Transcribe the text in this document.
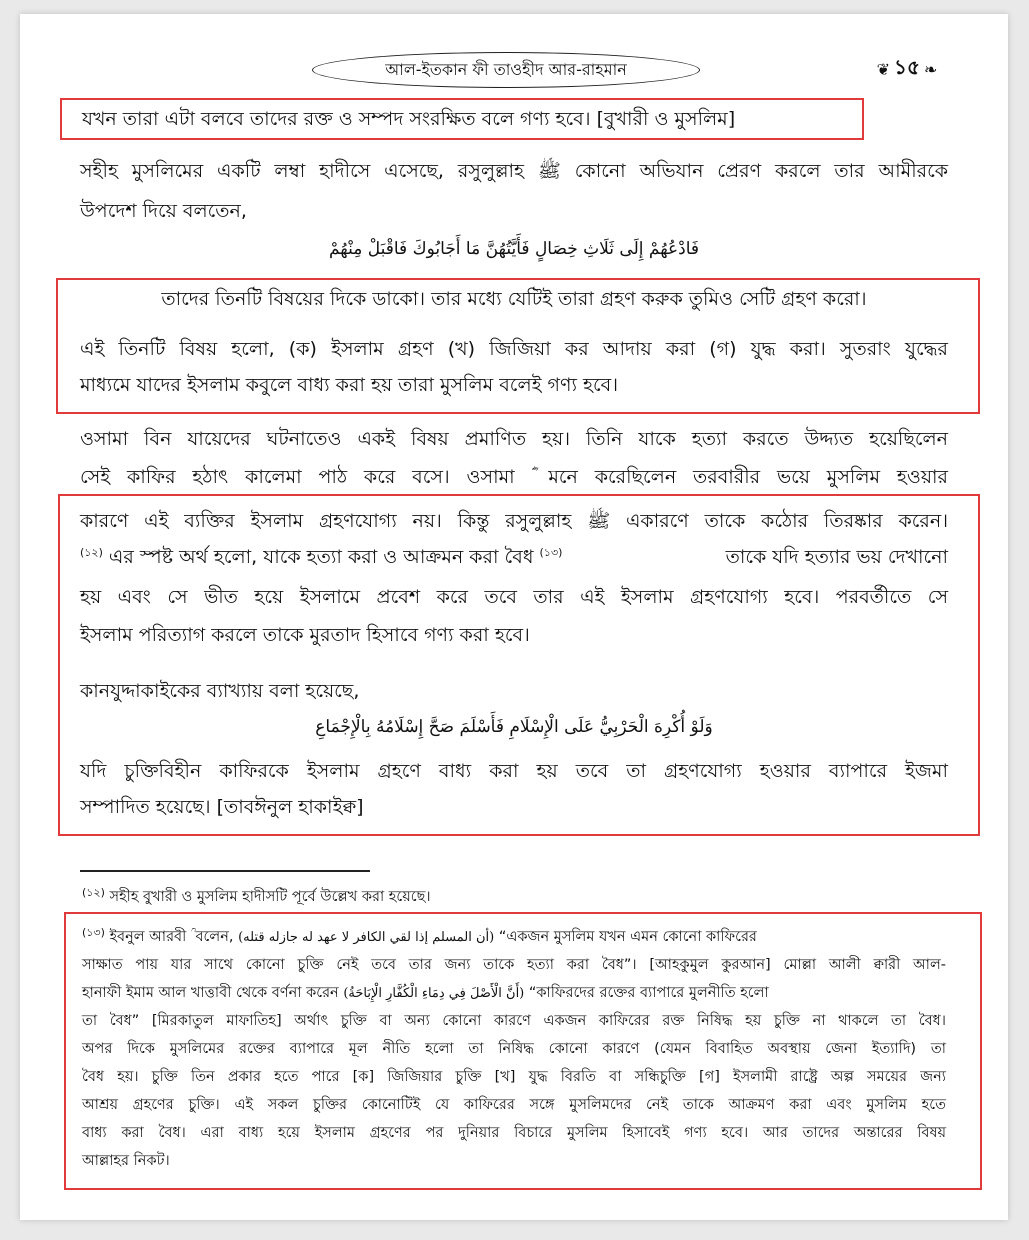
আল-ইতকান ফী তাওহীদ আর-রাহমান	❦ ১৫ ❧
যখন তারা এটা বলবে তাদের রক্ত ও সম্পদ সংরক্ষিত বলে গণ্য হবে। [বুখারী ও মুসলিম]
সহীহ মুসলিমের একটি লম্বা হাদীসে এসেছে, রসুলুল্লাহ ﷺ কোনো অভিযান প্রেরণ করলে তার আমীরকে
উপদেশ দিয়ে বলতেন,
فَادْعُهُمْ إِلَى ثَلَاثِ خِصَالٍ فَأَيَّتُهُنَّ مَا أَجَابُوكَ فَاقْبَلْ مِنْهُمْ
তাদের তিনটি বিষয়ের দিকে ডাকো। তার মধ্যে যেটিই তারা গ্রহণ করুক তুমিও সেটি গ্রহণ করো।
এই তিনটি বিষয় হলো, (ক) ইসলাম গ্রহণ (খ) জিজিয়া কর আদায় করা (গ) যুদ্ধ করা। সুতরাং যুদ্ধের
মাধ্যমে যাদের ইসলাম কবুলে বাধ্য করা হয় তারা মুসলিম বলেই গণ্য হবে।
ওসামা বিন যায়েদের ঘটনাতেও একই বিষয় প্রমাণিত হয়। তিনি যাকে হত্যা করতে উদ্দ্যত হয়েছিলেন
সেই কাফির হঠাৎ কালেমা পাঠ করে বসে। ওসামা ؓ মনে করেছিলেন তরবারীর ভয়ে মুসলিম হওয়ার
কারণে এই ব্যক্তির ইসলাম গ্রহণযোগ্য নয়। কিন্তু রসুলুল্লাহ ﷺ একারণে তাকে কঠোর তিরষ্কার করেন।
$^{(১২)}$ এর স্পষ্ট অর্থ হলো, যাকে হত্যা করা ও আক্রমন করা বৈধ $^{(১৩)}$	তাকে যদি হত্যার ভয় দেখানো
হয় এবং সে ভীত হয়ে ইসলামে প্রবেশ করে তবে তার এই ইসলাম গ্রহণযোগ্য হবে। পরবর্তীতে সে
ইসলাম পরিত্যাগ করলে তাকে মুরতাদ হিসাবে গণ্য করা হবে।
কানযুদ্দাকাইকের ব্যাখ্যায় বলা হয়েছে,
وَلَوْ أُكْرِهَ الْحَرْبِيُّ عَلَى الْإِسْلَامِ فَأَسْلَمَ صَحَّ إِسْلَامُهُ بِالْإِجْمَاعِ
যদি চুক্তিবিহীন কাফিরকে ইসলাম গ্রহণে বাধ্য করা হয় তবে তা গ্রহণযোগ্য হওয়ার ব্যাপারে ইজমা
সম্পাদিত হয়েছে। [তাবঈনুল হাকাইক্ব]
$^{(১২)}$ সহীহ বুখারী ও মুসলিম হাদীসটি পূর্বে উল্লেখ করা হয়েছে।
$^{(১৩)}$ ইবনুল আরবী ؒ বলেন, (أن المسلم إذا لقي الكافر لا عهد له جازله قتله) “একজন মুসলিম যখন এমন কোনো কাফিরের
সাক্ষাত পায় যার সাথে কোনো চুক্তি নেই তবে তার জন্য তাকে হত্যা করা বৈধ”। [আহকুমুল কুরআন] মোল্লা আলী ক্বারী আল-
হানাফী ইমাম আল খাত্তাবী থেকে বর্ণনা করেন (أَنَّ الْأَصْلَ فِي دِمَاءِ الْكُفَّارِ الْإِبَاحَةُ) “কাফিরদের রক্তের ব্যাপারে মুলনীতি হলো
তা বৈধ” [মিরকাতুল মাফাতিহ] অর্থাৎ চুক্তি বা অন্য কোনো কারণে একজন কাফিরের রক্ত নিষিদ্ধ হয় চুক্তি না থাকলে তা বৈধ।
অপর দিকে মুসলিমের রক্তের ব্যাপারে মূল নীতি হলো তা নিষিদ্ধ কোনো কারণে (যেমন বিবাহিত অবস্থায় জেনা ইত্যাদি) তা
বৈধ হয়। চুক্তি তিন প্রকার হতে পারে [ক] জিজিয়ার চুক্তি [খ] যুদ্ধ বিরতি বা সন্ধিচুক্তি [গ] ইসলামী রাষ্ট্রে অল্প সময়ের জন্য
আশ্রয় গ্রহণের চুক্তি। এই সকল চুক্তির কোনোটিই যে কাফিরের সঙ্গে মুসলিমদের নেই তাকে আক্রমণ করা এবং মুসলিম হতে
বাধ্য করা বৈধ। এরা বাধ্য হয়ে ইসলাম গ্রহণের পর দুনিয়ার বিচারে মুসলিম হিসাবেই গণ্য হবে। আর তাদের অন্তারের বিষয়
আল্লাহর নিকট।
